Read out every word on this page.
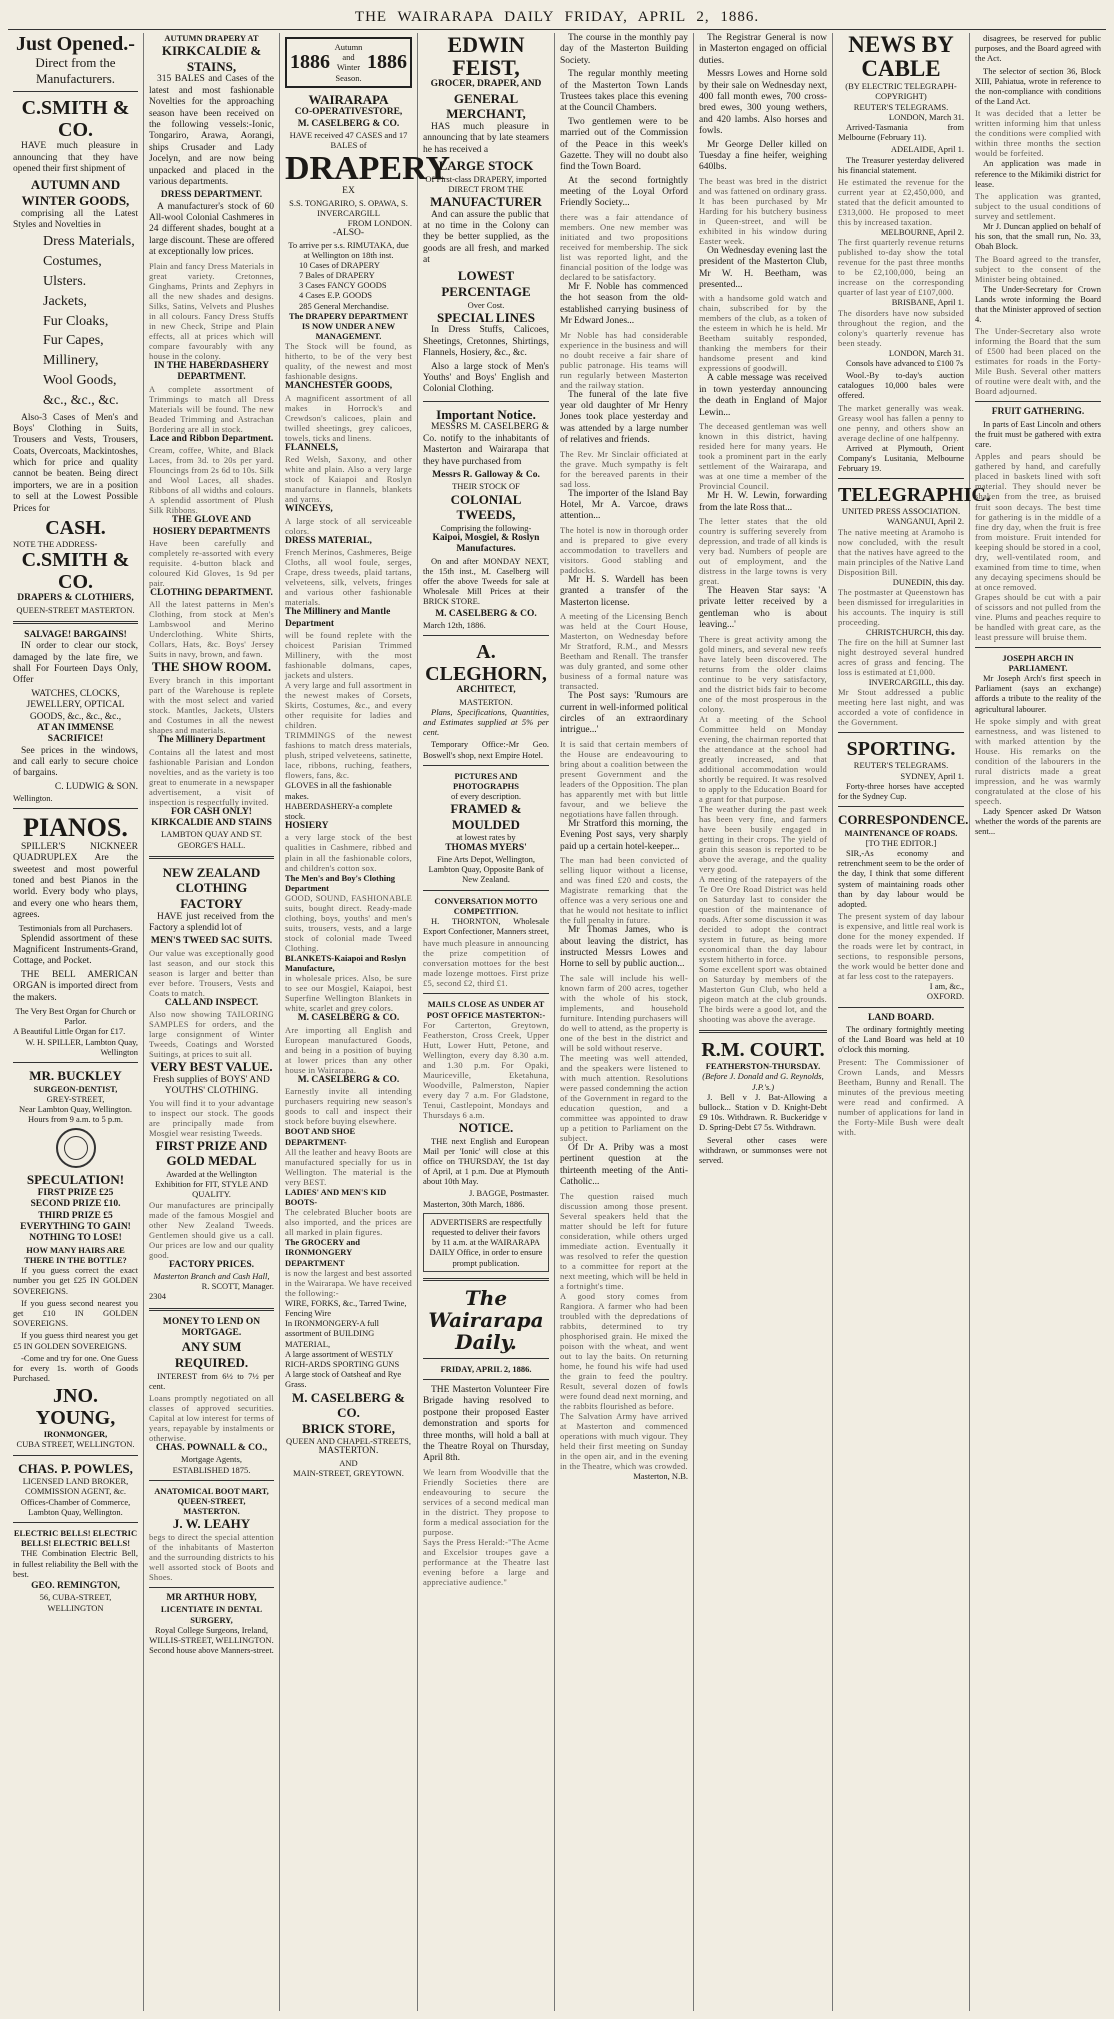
THE WAIRARAPA DAILY FRIDAY, APRIL 2, 1886.
Just Opened.-
Direct from the Manufacturers.
C.SMITH & CO.

HAVE much pleasure in announcing that they have opened their first shipment of

AUTUMN AND WINTER GOODS,

comprising all the Latest Styles and Novelties in

Dress Materials,
Costumes,
Ulsters.
Jackets,
Fur Cloaks,
Fur Capes,
Millinery,
Wool Goods,
&c., &c., &c.

Also-3 Cases of Men's and Boys' Clothing in Suits, Trousers and Vests, Trousers, Coats, Overcoats, Mackintoshes, which for price and quality cannot be beaten. Being direct importers, we are in a position to sell at the Lowest Possible Prices for

CASH.
NOTE THE ADDRESS-
C.SMITH & CO.
DRAPERS & CLOTHIERS,
QUEEN-STREET MASTERTON.
SALVAGE! BARGAINS!

IN order to clear our stock, damaged by the late fire, we shall For Fourteen Days Only, Offer

WATCHES, CLOCKS, JEWELLERY, OPTICAL GOODS, &c., &c., &c.,
AT AN IMMENSE SACRIFICE!

See prices in the windows, and call early to secure choice of bargains.

C. LUDWIG & SON.
Wellington.
PIANOS.

SPILLER'S NICKNEER QUADRUPLEX Are the sweetest and most powerful toned and best Pianos in the world. Every body who plays, and every one who hears them, agrees.

Testimonials from all Purchasers.

Splendid assortment of these Magnificent Instruments-Grand, Cottage, and Pocket.

THE BELL AMERICAN ORGAN is imported direct from the makers.

The Very Best Organ for Church or Parlor.
A Beautiful Little Organ for £17.
W. H. SPILLER, Lambton Quay, Wellington
MR. BUCKLEY
SURGEON-DENTIST,
GREY-STREET,
Near Lambton Quay, Wellington. Hours from 9 a.m. to 5 p.m.
SPECULATION!
FIRST PRIZE £25
SECOND PRIZE £10.
THIRD PRIZE £5
EVERYTHING TO GAIN! NOTHING TO LOSE!
HOW MANY HAIRS ARE THERE IN THE BOTTLE?

If you guess correct the exact number you get £25 IN GOLDEN SOVEREIGNS.

If you guess second nearest you get £10 IN GOLDEN SOVEREIGNS.

If you guess third nearest you get £5 IN GOLDEN SOVEREIGNS.

-Come and try for one. One Guess for every 1s. worth of Goods Purchased.

JNO. YOUNG,
IRONMONGER,
CUBA STREET, WELLINGTON.
CHAS. P. POWLES,
LICENSED LAND BROKER, COMMISSION AGENT, &c.
Offices-Chamber of Commerce, Lambton Quay, Wellington.
ELECTRIC BELLS! ELECTRIC BELLS! ELECTRIC BELLS!

THE Combination Electric Bell, in fullest reliability the Bell with the best.

GEO. REMINGTON,
56, CUBA-STREET, WELLINGTON
AUTUMN DRAPERY AT
KIRKCALDIE & STAINS,

315 BALES and Cases of the latest and most fashionable Novelties for the approaching season have been received on the following vessels:-Ionic, Tongariro, Arawa, Aorangi, ships Crusader and Lady Jocelyn, and are now being unpacked and placed in the various departments.

DRESS DEPARTMENT.

A manufacturer's stock of 60 All-wool Colonial Cashmeres in 24 different shades, bought at a large discount. These are offered at exceptionally low prices.

Plain and fancy Dress Materials in great variety. Cretonnes, Ginghams, Prints and Zephyrs in all the new shades and designs. Silks, Satins, Velvets and Plushes in all colours. Fancy Dress Stuffs in new Check, Stripe and Plain effects, all at prices which will compare favourably with any house in the colony.

IN THE HABERDASHERY DEPARTMENT.

A complete assortment of Trimmings to match all Dress Materials will be found. The new Beaded Trimming and Astrachan Bordering are all in stock.

Lace and Ribbon Department.

Cream, coffee, White, and Black Laces, from 3d. to 20s per yard. Flouncings from 2s 6d to 10s. Silk and Wool Laces, all shades. Ribbons of all widths and colours. A splendid assortment of Plush Silk Ribbons.

THE GLOVE AND HOSIERY DEPARTMENTS

Have been carefully and completely re-assorted with every requisite. 4-button black and coloured Kid Gloves, 1s 9d per pair.

CLOTHING DEPARTMENT.

All the latest patterns in Men's Clothing, from stock at Men's Lambswool and Merino Underclothing. White Shirts, Collars, Hats, &c. Boys' Jersey Suits in navy, brown, and fawn.

THE SHOW ROOM.

Every branch in this important part of the Warehouse is replete with the most select and varied stock. Mantles, Jackets, Ulsters and Costumes in all the newest shapes and materials.

The Millinery Department

Contains all the latest and most fashionable Parisian and London novelties, and as the variety is too great to enumerate in a newspaper advertisement, a visit of inspection is respectfully invited.

FOR CASH ONLY!
KIRKCALDIE AND STAINS
LAMBTON QUAY AND ST. GEORGE'S HALL.
NEW ZEALAND CLOTHING FACTORY

HAVE just received from the Factory a splendid lot of

MEN'S TWEED SAC SUITS.

Our value was exceptionally good last season, and our stock this season is larger and better than ever before. Trousers, Vests and Coats to match.

CALL AND INSPECT.

Also now showing TAILORING SAMPLES for orders, and the large consignment of Winter Tweeds, Coatings and Worsted Suitings, at prices to suit all.

VERY BEST VALUE.
Fresh supplies of BOYS' AND YOUTHS' CLOTHING.

You will find it to your advantage to inspect our stock. The goods are principally made from Mosgiel wear resisting Tweeds.

FIRST PRIZE AND
GOLD MEDAL
Awarded at the Wellington Exhibition for FIT, STYLE AND QUALITY.

Our manufactures are principally made of the famous Mosgiel and other New Zealand Tweeds. Gentlemen should give us a call. Our prices are low and our quality good.

FACTORY PRICES.
Masterton Branch and Cash Hall,
R. SCOTT, Manager.
2304
MONEY TO LEND ON MORTGAGE.
ANY SUM REQUIRED.

INTEREST from 6½ to 7½ per cent.

Loans promptly negotiated on all classes of approved securities. Capital at low interest for terms of years, repayable by instalments or otherwise.

CHAS. POWNALL & CO.,
Mortgage Agents,
ESTABLISHED 1875.
ANATOMICAL BOOT MART, QUEEN-STREET, MASTERTON.
J. W. LEAHY

begs to direct the special attention of the inhabitants of Masterton and the surrounding districts to his well assorted stock of Boots and Shoes.

MR ARTHUR HOBY,
LICENTIATE IN DENTAL SURGERY,
Royal College Surgeons, Ireland,
WILLIS-STREET, WELLINGTON.
Second house above Manners-street.
1886
Autumn and Winter Season.
1886
WAIRARAPA
CO-OPERATIVESTORE,
M. CASELBERG & CO.
HAVE received 47 CASES and 17 BALES of
DRAPERY
EX
S.S. TONGARIRO, S. OPAWA, S. INVERCARGILL
FROM LONDON.
-ALSO-
To arrive per s.s. RIMUTAKA, due at Wellington on 18th inst.
10 Cases of DRAPERY
7 Bales of DRAPERY
3 Cases FANCY GOODS
4 Cases E.P. GOODS
285 General Merchandise.
The DRAPERY DEPARTMENT IS NOW UNDER A NEW MANAGEMENT.

The Stock will be found, as hitherto, to be of the very best quality, of the newest and most fashionable designs.

MANCHESTER GOODS,

A magnificent assortment of all makes in Horrock's and Crewdson's calicoes, plain and twilled sheetings, grey calicoes, towels, ticks and linens.

FLANNELS,

Red Welsh, Saxony, and other white and plain. Also a very large stock of Kaiapoi and Roslyn manufacture in flannels, blankets and yarns.

WINCEYS,

A large stock of all serviceable colors.

DRESS MATERIAL,

French Merinos, Cashmeres, Beige Cloths, all wool foule, serges, Crape, dress tweeds, plaid tartans, velveteens, silk, velvets, fringes and various other fashionable materials.

The Millinery and Mantle Department

will be found replete with the choicest Parisian Trimmed Millinery, with the most fashionable dolmans, capes, jackets and ulsters.

A very large and full assortment in the newest makes of Corsets, Skirts, Costumes, &c., and every other requisite for ladies and children.

TRIMMINGS of the newest fashions to match dress materials, plush, striped velveteens, satinette, lace, ribbons, ruching, feathers, flowers, fans, &c.

GLOVES in all the fashionable makes.
HABERDASHERY-a complete stock.
HOSIERY

a very large stock of the best qualities in Cashmere, ribbed and plain in all the fashionable colors, and children's cotton sox.

The Men's and Boy's Clothing Department

GOOD, SOUND, FASHIONABLE suits, bought direct. Ready-made clothing, boys, youths' and men's suits, trousers, vests, and a large stock of colonial made Tweed Clothing.

BLANKETS-Kaiapoi and Roslyn Manufacture,

in wholesale prices. Also, be sure to see our Mosgiel, Kaiapoi, best Superfine Wellington Blankets in white, scarlet and grey colors.

M. CASELBERG & CO.

Are importing all English and European manufactured Goods, and being in a position of buying at lower prices than any other house in Wairarapa.

M. CASELBERG & CO.

Earnestly invite all intending purchasers requiring new season's goods to call and inspect their stock before buying elsewhere.

BOOT AND SHOE DEPARTMENT-

All the leather and heavy Boots are manufactured specially for us in Wellington. The material is the very BEST.

LADIES' AND MEN'S KID BOOTS-

The celebrated Blucher boots are also imported, and the prices are all marked in plain figures.

The GROCERY and IRONMONGERY DEPARTMENT

is now the largest and best assorted in the Wairarapa. We have received the following:-

WIRE, FORKS, &c., Tarred Twine, Fencing Wire
In IRONMONGERY-A full assortment of BUILDING MATERIAL,
A large assortment of WESTLY RICH-ARDS SPORTING GUNS
A large stock of Oatsheaf and Rye Grass.
M. CASELBERG & CO.
BRICK STORE,
QUEEN AND CHAPEL-STREETS,
MASTERTON.
AND
MAIN-STREET, GREYTOWN.
EDWIN FEIST,
GROCER, DRAPER, AND
GENERAL MERCHANT,

HAS much pleasure in announcing that by late steamers he has received a

LARGE STOCK
Of First-class DRAPERY, imported
DIRECT FROM THE
MANUFACTURER

And can assure the public that at no time in the Colony can they be better supplied, as the goods are all fresh, and marked at

LOWEST PERCENTAGE
Over Cost.
SPECIAL LINES

In Dress Stuffs, Calicoes, Sheetings, Cretonnes, Shirtings, Flannels, Hosiery, &c., &c.

Also a large stock of Men's Youths' and Boys' English and Colonial Clothing.

Important Notice.

MESSRS M. CASELBERG & Co. notify to the inhabitants of Masterton and Wairarapa that they have purchased from

Messrs R. Galloway & Co.
THEIR STOCK OF
COLONIAL TWEEDS,
Comprising the following-
Kaipoi, Mosgiel, & Roslyn Manufactures.

On and after MONDAY NEXT, the 15th inst., M. Caselberg will offer the above Tweeds for sale at Wholesale Mill Prices at their BRICK STORE.

M. CASELBERG & CO.
March 12th, 1886.
A. CLEGHORN,
ARCHITECT,
MASTERTON.

Plans, Specifications, Quantities, and Estimates supplied at 5% per cent.

Temporary Office:-Mr Geo. Boswell's shop, next Empire Hotel.

PICTURES AND PHOTOGRAPHS
of every description.
FRAMED & MOULDED
at lowest rates by
THOMAS MYERS'
Fine Arts Depot, Wellington, Lambton Quay, Opposite Bank of New Zealand.
CONVERSATION MOTTO COMPETITION.

H. THORNTON, Wholesale Export Confectioner, Manners street,

have much pleasure in announcing the prize competition of conversation mottoes for the best made lozenge mottoes. First prize £5, second £2, third £1.

MAILS CLOSE AS UNDER AT POST OFFICE MASTERTON:-

For Carterton, Greytown, Featherston, Cross Creek, Upper Hutt, Lower Hutt, Petone, and Wellington, every day 8.30 a.m. and 1.30 p.m. For Opaki, Mauriceville, Eketahuna, Woodville, Palmerston, Napier every day 7 a.m. For Gladstone, Tenui, Castlepoint, Mondays and Thursdays 6 a.m.

NOTICE.

THE next English and European Mail per 'Ionic' will close at this office on THURSDAY, the 1st day of April, at 1 p.m. Due at Plymouth about 10th May.

J. BAGGE, Postmaster.
Masterton, 30th March, 1886.
ADVERTISERS are respectfully requested to deliver their favors by 11 a.m. at the WAIRARAPA DAILY Office, in order to ensure prompt publication.
The Wairarapa Daily.
FRIDAY, APRIL 2, 1886.

THE Masterton Volunteer Fire Brigade having resolved to postpone their proposed Easter demonstration and sports for three months, will hold a ball at the Theatre Royal on Thursday, April 8th.

We learn from Woodville that the Friendly Societies there are endeavouring to secure the services of a second medical man in the district. They propose to form a medical association for the purpose.

Says the Press Herald:-"The Acme and Excelsior troupes gave a performance at the Theatre last evening before a large and appreciative audience."

The course in the monthly pay day of the Masterton Building Society.

The regular monthly meeting of the Masterton Town Lands Trustees takes place this evening at the Council Chambers.

Two gentlemen were to be married out of the Commission of the Peace in this week's Gazette. They will no doubt also find the Town Board.

At the second fortnightly meeting of the Loyal Orford Friendly Society...

there was a fair attendance of members. One new member was initiated and two propositions received for membership. The sick list was reported light, and the financial position of the lodge was declared to be satisfactory.

Mr F. Noble has commenced the hot season from the old-established carrying business of Mr Edward Jones...

Mr Noble has had considerable experience in the business and will no doubt receive a fair share of public patronage. His teams will run regularly between Masterton and the railway station.

The funeral of the late five year old daughter of Mr Henry Jones took place yesterday and was attended by a large number of relatives and friends.

The Rev. Mr Sinclair officiated at the grave. Much sympathy is felt for the bereaved parents in their sad loss.

The importer of the Island Bay Hotel, Mr A. Varcoe, draws attention...

The hotel is now in thorough order and is prepared to give every accommodation to travellers and visitors. Good stabling and paddocks.

Mr H. S. Wardell has been granted a transfer of the Masterton license.

A meeting of the Licensing Bench was held at the Court House, Masterton, on Wednesday before Mr Stratford, R.M., and Messrs Beetham and Renall. The transfer was duly granted, and some other business of a formal nature was transacted.

The Post says: 'Rumours are current in well-informed political circles of an extraordinary intrigue...'

It is said that certain members of the House are endeavouring to bring about a coalition between the present Government and the leaders of the Opposition. The plan has apparently met with but little favour, and we believe the negotiations have fallen through.

Mr Stratford this morning, the Evening Post says, very sharply paid up a certain hotel-keeper...

The man had been convicted of selling liquor without a license, and was fined £20 and costs, the Magistrate remarking that the offence was a very serious one and that he would not hesitate to inflict the full penalty in future.

Mr Thomas James, who is about leaving the district, has instructed Messrs Lowes and Horne to sell by public auction...

The sale will include his well-known farm of 200 acres, together with the whole of his stock, implements, and household furniture. Intending purchasers will do well to attend, as the property is one of the best in the district and will be sold without reserve.

The meeting was well attended, and the speakers were listened to with much attention. Resolutions were passed condemning the action of the Government in regard to the education question, and a committee was appointed to draw up a petition to Parliament on the subject.

Of Dr A. Priby was a most pertinent question at the thirteenth meeting of the Anti-Catholic...

The question raised much discussion among those present. Several speakers held that the matter should be left for future consideration, while others urged immediate action. Eventually it was resolved to refer the question to a committee for report at the next meeting, which will be held in a fortnight's time.

A good story comes from Rangiora. A farmer who had been troubled with the depredations of rabbits, determined to try phosphorised grain. He mixed the poison with the wheat, and went out to lay the baits. On returning home, he found his wife had used the grain to feed the poultry. Result, several dozen of fowls were found dead next morning, and the rabbits flourished as before.

The Salvation Army have arrived at Masterton and commenced operations with much vigour. They held their first meeting on Sunday in the open air, and in the evening in the Theatre, which was crowded.

Masterton, N.B.

The Registrar General is now in Masterton engaged on official duties.

Messrs Lowes and Horne sold by their sale on Wednesday next, 400 fall month ewes, 700 cross-bred ewes, 300 young wethers, and 420 lambs. Also horses and fowls.

Mr George Deller killed on Tuesday a fine heifer, weighing 640lbs.

The beast was bred in the district and was fattened on ordinary grass. It has been purchased by Mr Harding for his butchery business in Queen-street, and will be exhibited in his window during Easter week.

On Wednesday evening last the president of the Masterton Club, Mr W. H. Beetham, was presented...

with a handsome gold watch and chain, subscribed for by the members of the club, as a token of the esteem in which he is held. Mr Beetham suitably responded, thanking the members for their handsome present and kind expressions of goodwill.

A cable message was received in town yesterday announcing the death in England of Major Lewin...

The deceased gentleman was well known in this district, having resided here for many years. He took a prominent part in the early settlement of the Wairarapa, and was at one time a member of the Provincial Council.

Mr H. W. Lewin, forwarding from the late Ross that...

The letter states that the old country is suffering severely from depression, and trade of all kinds is very bad. Numbers of people are out of employment, and the distress in the large towns is very great.

The Heaven Star says: 'A private letter received by a gentleman who is about leaving...'

There is great activity among the gold miners, and several new reefs have lately been discovered. The returns from the older claims continue to be very satisfactory, and the district bids fair to become one of the most prosperous in the colony.

At a meeting of the School Committee held on Monday evening, the chairman reported that the attendance at the school had greatly increased, and that additional accommodation would shortly be required. It was resolved to apply to the Education Board for a grant for that purpose.

The weather during the past week has been very fine, and farmers have been busily engaged in getting in their crops. The yield of grain this season is reported to be above the average, and the quality very good.

A meeting of the ratepayers of the Te Ore Ore Road District was held on Saturday last to consider the question of the maintenance of roads. After some discussion it was decided to adopt the contract system in future, as being more economical than the day labour system hitherto in force.

Some excellent sport was obtained on Saturday by members of the Masterton Gun Club, who held a pigeon match at the club grounds. The birds were a good lot, and the shooting was above the average.

R.M. COURT.
FEATHERSTON-THURSDAY.
(Before J. Donald and G. Reynolds, J.P.'s.)

J. Bell v J. Bat-Allowing a bullock... Station v D. Knight-Debt £9 10s. Withdrawn. R. Buckeridge v D. Spring-Debt £7 5s. Withdrawn.

Several other cases were withdrawn, or summonses were not served.

NEWS BY CABLE
(BY ELECTRIC TELEGRAPH-COPYRIGHT)
REUTER'S TELEGRAMS.
LONDON, March 31.

Arrived-Tasmania from Melbourne (February 11).

ADELAIDE, April 1.

The Treasurer yesterday delivered his financial statement.

He estimated the revenue for the current year at £2,450,000, and stated that the deficit amounted to £313,000. He proposed to meet this by increased taxation.

MELBOURNE, April 2.

The first quarterly revenue returns published to-day show the total revenue for the past three months to be £2,100,000, being an increase on the corresponding quarter of last year of £107,000.

BRISBANE, April 1.

The disorders have now subsided throughout the region, and the colony's quarterly revenue has been steady.

LONDON, March 31.

Consols have advanced to £100 7s

Wool.-By to-day's auction catalogues 10,000 bales were offered.

The market generally was weak. Greasy wool has fallen a penny to one penny, and others show an average decline of one halfpenny.

Arrived at Plymouth, Orient Company's Lusitania, Melbourne February 19.

TELEGRAPHIC.
UNITED PRESS ASSOCIATION.
WANGANUI, April 2.

The native meeting at Aramoho is now concluded, with the result that the natives have agreed to the main principles of the Native Land Disposition Bill.

DUNEDIN, this day.

The postmaster at Queenstown has been dismissed for irregularities in his accounts. The inquiry is still proceeding.

CHRISTCHURCH, this day.

The fire on the hill at Sumner last night destroyed several hundred acres of grass and fencing. The loss is estimated at £1,000.

INVERCARGILL, this day.

Mr Stout addressed a public meeting here last night, and was accorded a vote of confidence in the Government.

SPORTING.
REUTER'S TELEGRAMS.
SYDNEY, April 1.

Forty-three horses have accepted for the Sydney Cup.

CORRESPONDENCE.
MAINTENANCE OF ROADS.
[TO THE EDITOR.]

SIR,-As economy and retrenchment seem to be the order of the day, I think that some different system of maintaining roads other than by day labour would be adopted.

The present system of day labour is expensive, and little real work is done for the money expended. If the roads were let by contract, in sections, to responsible persons, the work would be better done and at far less cost to the ratepayers.

I am, &c.,
OXFORD.
LAND BOARD.

The ordinary fortnightly meeting of the Land Board was held at 10 o'clock this morning.

Present: The Commissioner of Crown Lands, and Messrs Beetham, Bunny and Renall. The minutes of the previous meeting were read and confirmed. A number of applications for land in the Forty-Mile Bush were dealt with.

disagrees, be reserved for public purposes, and the Board agreed with the Act.

The selector of section 36, Block XIII, Pahiatua, wrote in reference to the non-compliance with conditions of the Land Act.

It was decided that a letter be written informing him that unless the conditions were complied with within three months the section would be forfeited.

An application was made in reference to the Mikimiki district for lease.

The application was granted, subject to the usual conditions of survey and settlement.

Mr J. Duncan applied on behalf of his son, that the small run, No. 33, Obah Block.

The Board agreed to the transfer, subject to the consent of the Minister being obtained.

The Under-Secretary for Crown Lands wrote informing the Board that the Minister approved of section 4.

The Under-Secretary also wrote informing the Board that the sum of £500 had been placed on the estimates for roads in the Forty-Mile Bush. Several other matters of routine were dealt with, and the Board adjourned.

FRUIT GATHERING.

In parts of East Lincoln and others the fruit must be gathered with extra care.

Apples and pears should be gathered by hand, and carefully placed in baskets lined with soft material. They should never be shaken from the tree, as bruised fruit soon decays. The best time for gathering is in the middle of a fine dry day, when the fruit is free from moisture. Fruit intended for keeping should be stored in a cool, dry, well-ventilated room, and examined from time to time, when any decaying specimens should be at once removed.

Grapes should be cut with a pair of scissors and not pulled from the vine. Plums and peaches require to be handled with great care, as the least pressure will bruise them.

JOSEPH ARCH IN PARLIAMENT.

Mr Joseph Arch's first speech in Parliament (says an exchange) affords a tribute to the reality of the agricultural labourer.

He spoke simply and with great earnestness, and was listened to with marked attention by the House. His remarks on the condition of the labourers in the rural districts made a great impression, and he was warmly congratulated at the close of his speech.

Lady Spencer asked Dr Watson whether the words of the parents are sent...
